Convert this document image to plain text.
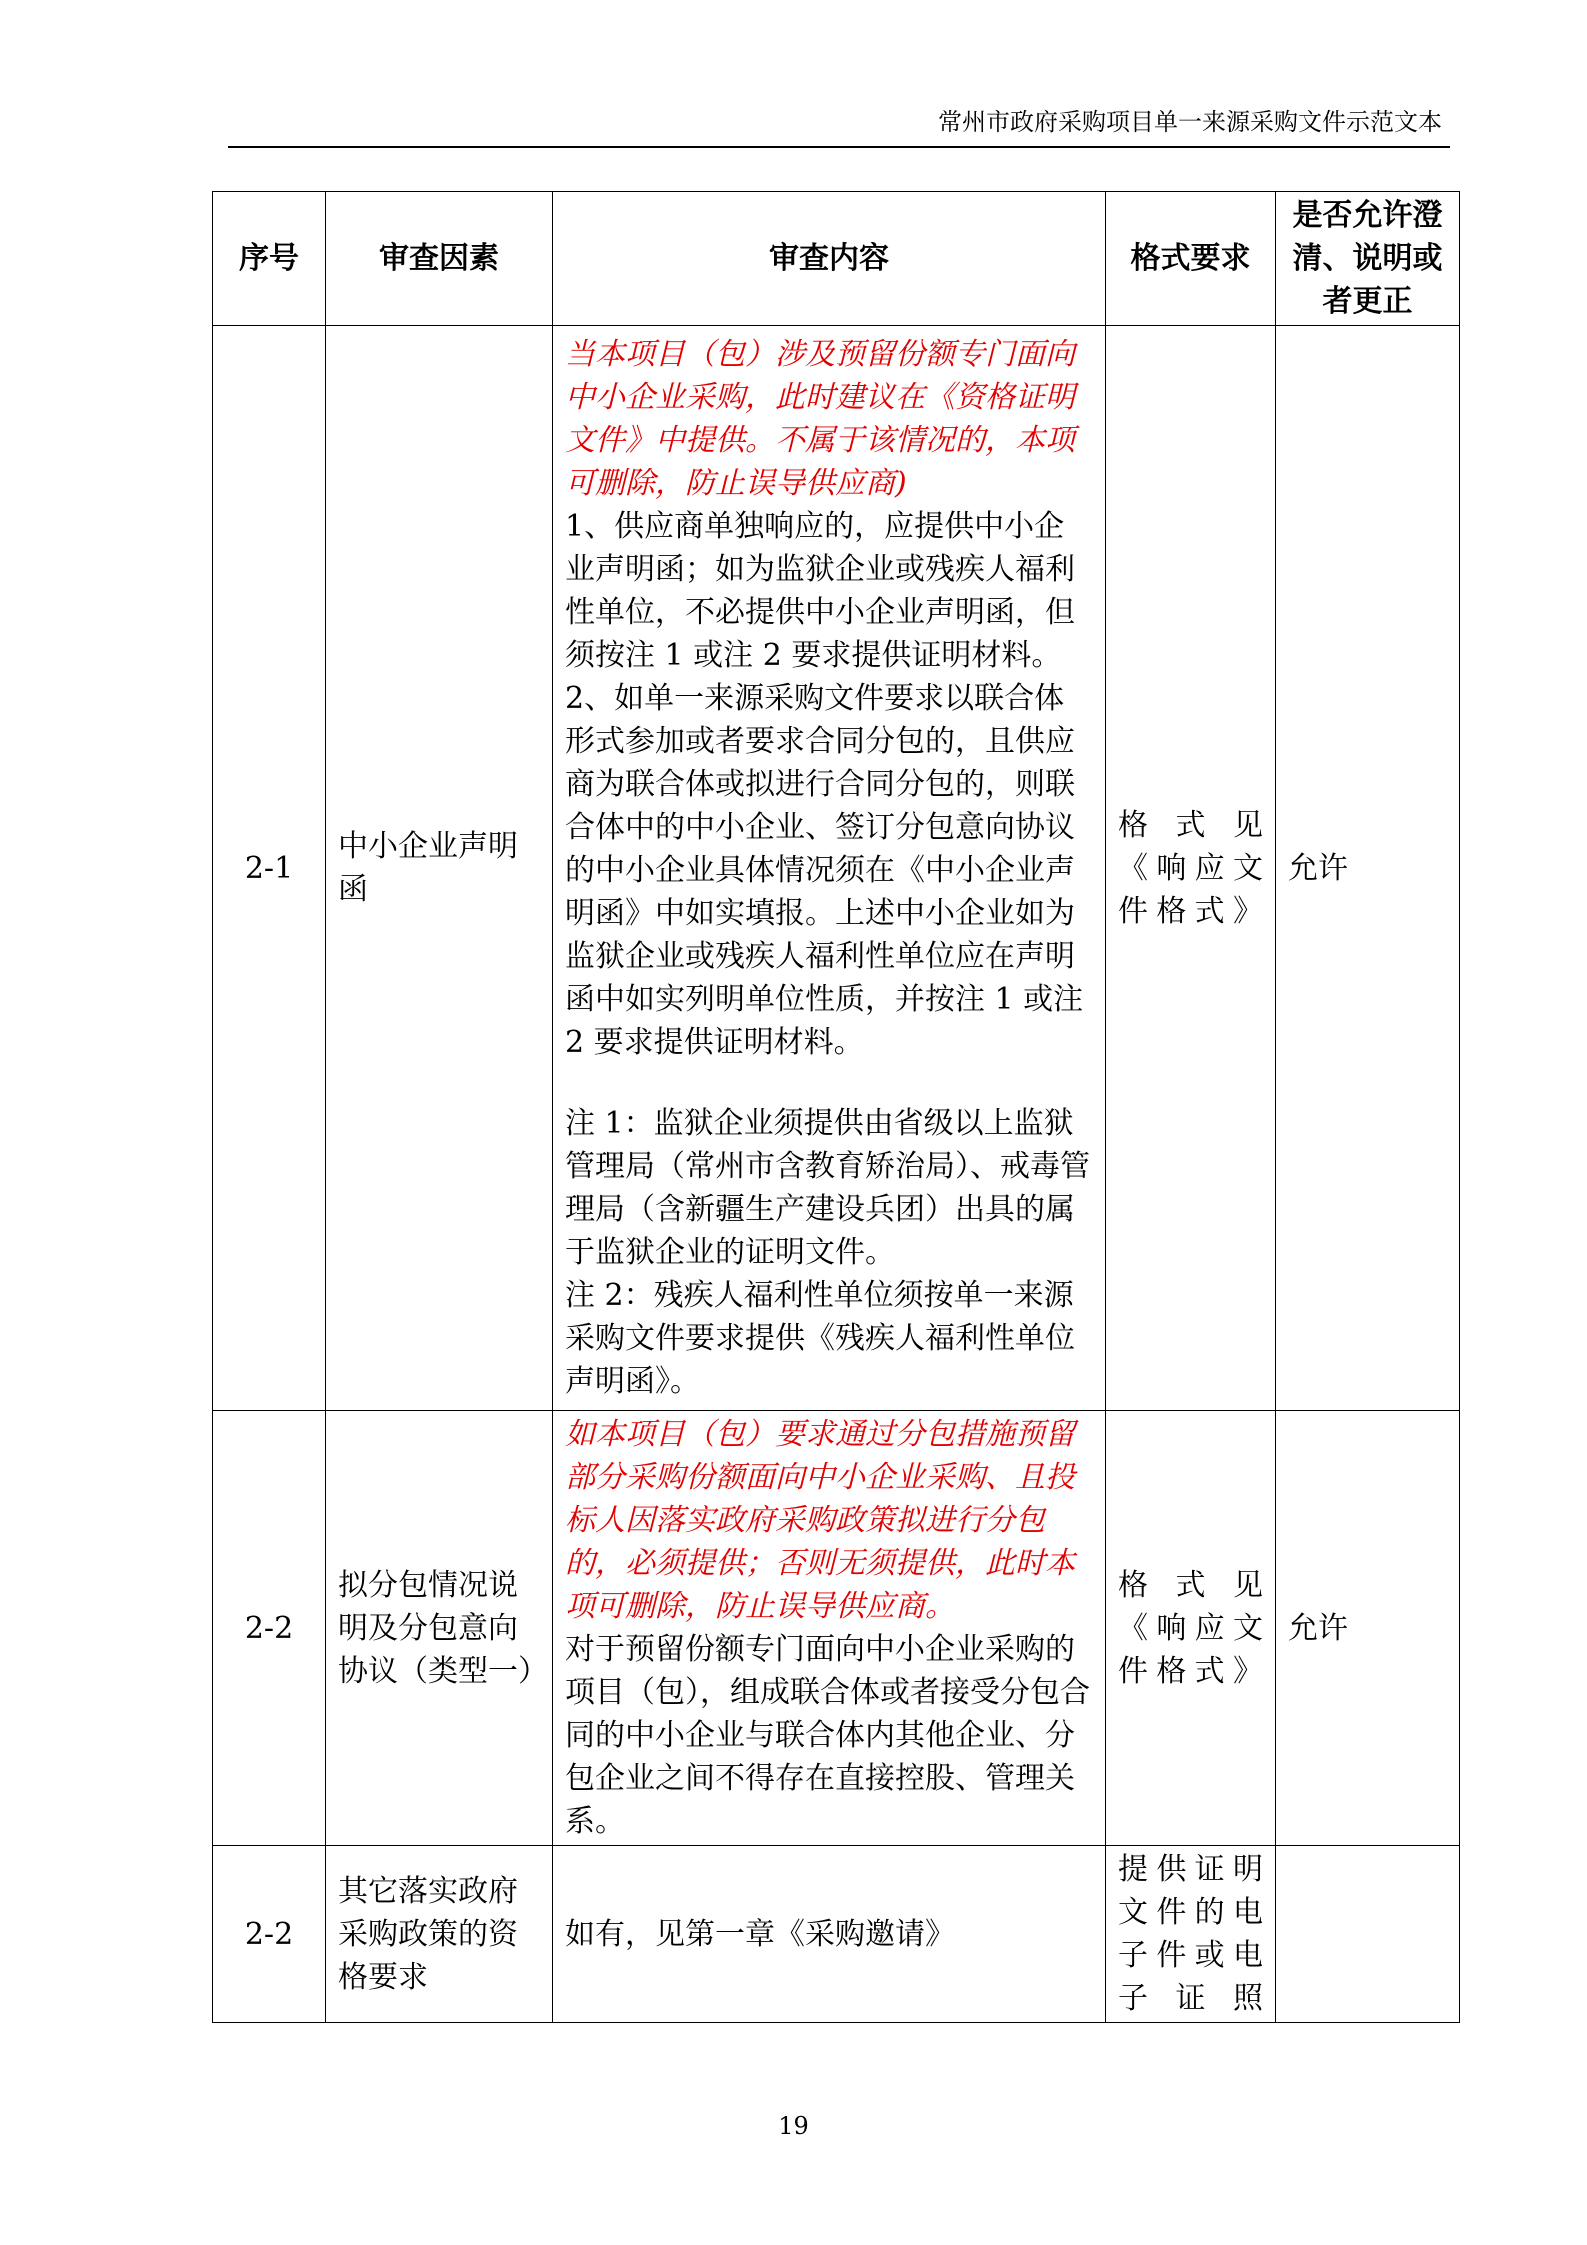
常州市政府采购项目单一来源采购文件示范文本
序号	审查因素	审查内容	格式要求	是否允许澄清、说明或者更正
2-1	中小企业声明函	当本项目（包）涉及预留份额专门面向中小企业采购，此时建议在《资格证明文件》中提供。不属于该情况的，本项可删除，防止误导供应商)
1、供应商单独响应的，应提供中小企业声明函；如为监狱企业或残疾人福利性单位，不必提供中小企业声明函，但须按注 1 或注 2 要求提供证明材料。
2、如单一来源采购文件要求以联合体形式参加或者要求合同分包的，且供应商为联合体或拟进行合同分包的，则联合体中的中小企业、签订分包意向协议的中小企业具体情况须在《中小企业声明函》中如实填报。上述中小企业如为监狱企业或残疾人福利性单位应在声明函中如实列明单位性质，并按注 1 或注 2 要求提供证明材料。
注 1：监狱企业须提供由省级以上监狱管理局（常州市含教育矫治局）、戒毒管理局（含新疆生产建设兵团）出具的属于监狱企业的证明文件。
注 2：残疾人福利性单位须按单一来源采购文件要求提供《残疾人福利性单位声明函》。	格式见《响应文件格式》	允许
2-2	拟分包情况说明及分包意向协议（类型一）	如本项目（包）要求通过分包措施预留部分采购份额面向中小企业采购、且投标人因落实政府采购政策拟进行分包的，必须提供；否则无须提供，此时本项可删除，防止误导供应商。
对于预留份额专门面向中小企业采购的项目（包），组成联合体或者接受分包合同的中小企业与联合体内其他企业、分包企业之间不得存在直接控股、管理关系。	格式见《响应文件格式》	允许
2-2	其它落实政府采购政策的资格要求	如有，见第一章《采购邀请》	提供证明文件的电子件或电子证照	
19
